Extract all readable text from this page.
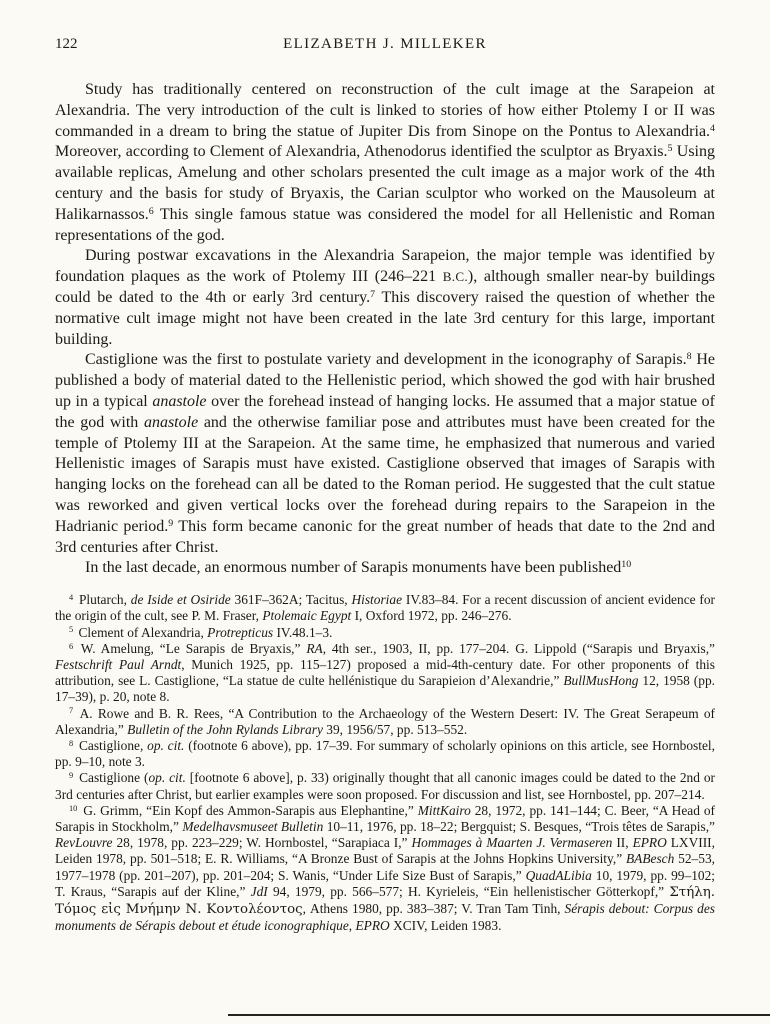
122	ELIZABETH J. MILLEKER

Study has traditionally centered on reconstruction of the cult image at the Sarapeion at Alexandria. The very introduction of the cult is linked to stories of how either Ptolemy I or II was commanded in a dream to bring the statue of Jupiter Dis from Sinope on the Pontus to Alexandria.$^4$ Moreover, according to Clement of Alexandria, Athenodorus identified the sculptor as Bryaxis.$^5$ Using available replicas, Amelung and other scholars presented the cult image as a major work of the 4th century and the basis for study of Bryaxis, the Carian sculptor who worked on the Mausoleum at Halikarnassos.$^6$ This single famous statue was considered the model for all Hellenistic and Roman representations of the god.

During postwar excavations in the Alexandria Sarapeion, the major temple was identified by foundation plaques as the work of Ptolemy III (246–221 B.C.), although smaller near-by buildings could be dated to the 4th or early 3rd century.$^7$ This discovery raised the question of whether the normative cult image might not have been created in the late 3rd century for this large, important building.

Castiglione was the first to postulate variety and development in the iconography of Sarapis.$^8$ He published a body of material dated to the Hellenistic period, which showed the god with hair brushed up in a typical anastole over the forehead instead of hanging locks. He assumed that a major statue of the god with anastole and the otherwise familiar pose and attributes must have been created for the temple of Ptolemy III at the Sarapeion. At the same time, he emphasized that numerous and varied Hellenistic images of Sarapis must have existed. Castiglione observed that images of Sarapis with hanging locks on the forehead can all be dated to the Roman period. He suggested that the cult statue was reworked and given vertical locks over the forehead during repairs to the Sarapeion in the Hadrianic period.$^9$ This form became canonic for the great number of heads that date to the 2nd and 3rd centuries after Christ.

In the last decade, an enormous number of Sarapis monuments have been published$^{10}$

$^4$ Plutarch, de Iside et Osiride 361F–362A; Tacitus, Historiae IV.83–84. For a recent discussion of ancient evidence for the origin of the cult, see P. M. Fraser, Ptolemaic Egypt I, Oxford 1972, pp. 246–276.

$^5$ Clement of Alexandria, Protrepticus IV.48.1–3.

$^6$ W. Amelung, “Le Sarapis de Bryaxis,” RA, 4th ser., 1903, II, pp. 177–204. G. Lippold (“Sarapis und Bryaxis,” Festschrift Paul Arndt, Munich 1925, pp. 115–127) proposed a mid-4th-century date. For other proponents of this attribution, see L. Castiglione, “La statue de culte hellénistique du Sarapieion d’Alexandrie,” BullMusHong 12, 1958 (pp. 17–39), p. 20, note 8.

$^7$ A. Rowe and B. R. Rees, “A Contribution to the Archaeology of the Western Desert: IV. The Great Serapeum of Alexandria,” Bulletin of the John Rylands Library 39, 1956/57, pp. 513–552.

$^8$ Castiglione, op. cit. (footnote 6 above), pp. 17–39. For summary of scholarly opinions on this article, see Hornbostel, pp. 9–10, note 3.

$^9$ Castiglione (op. cit. [footnote 6 above], p. 33) originally thought that all canonic images could be dated to the 2nd or 3rd centuries after Christ, but earlier examples were soon proposed. For discussion and list, see Hornbostel, pp. 207–214.

$^{10}$ G. Grimm, “Ein Kopf des Ammon-Sarapis aus Elephantine,” MittKairo 28, 1972, pp. 141–144; C. Beer, “A Head of Sarapis in Stockholm,” Medelhavsmuseet Bulletin 10–11, 1976, pp. 18–22; Bergquist; S. Besques, “Trois têtes de Sarapis,” RevLouvre 28, 1978, pp. 223–229; W. Hornbostel, “Sarapiaca I,” Hommages à Maarten J. Vermaseren II, EPRO LXVIII, Leiden 1978, pp. 501–518; E. R. Williams, “A Bronze Bust of Sarapis at the Johns Hopkins University,” BABesch 52–53, 1977–1978 (pp. 201–207), pp. 201–204; S. Wanis, “Under Life Size Bust of Sarapis,” QuadALibia 10, 1979, pp. 99–102; T. Kraus, “Sarapis auf der Kline,” JdI 94, 1979, pp. 566–577; H. Kyrieleis, “Ein hellenistischer Götterkopf,” Στήλη. Τόμος εἰς Μνήμην Ν. Κοντολέοντος, Athens 1980, pp. 383–387; V. Tran Tam Tinh, Sérapis debout: Corpus des monuments de Sérapis debout et étude iconographique, EPRO XCIV, Leiden 1983.
